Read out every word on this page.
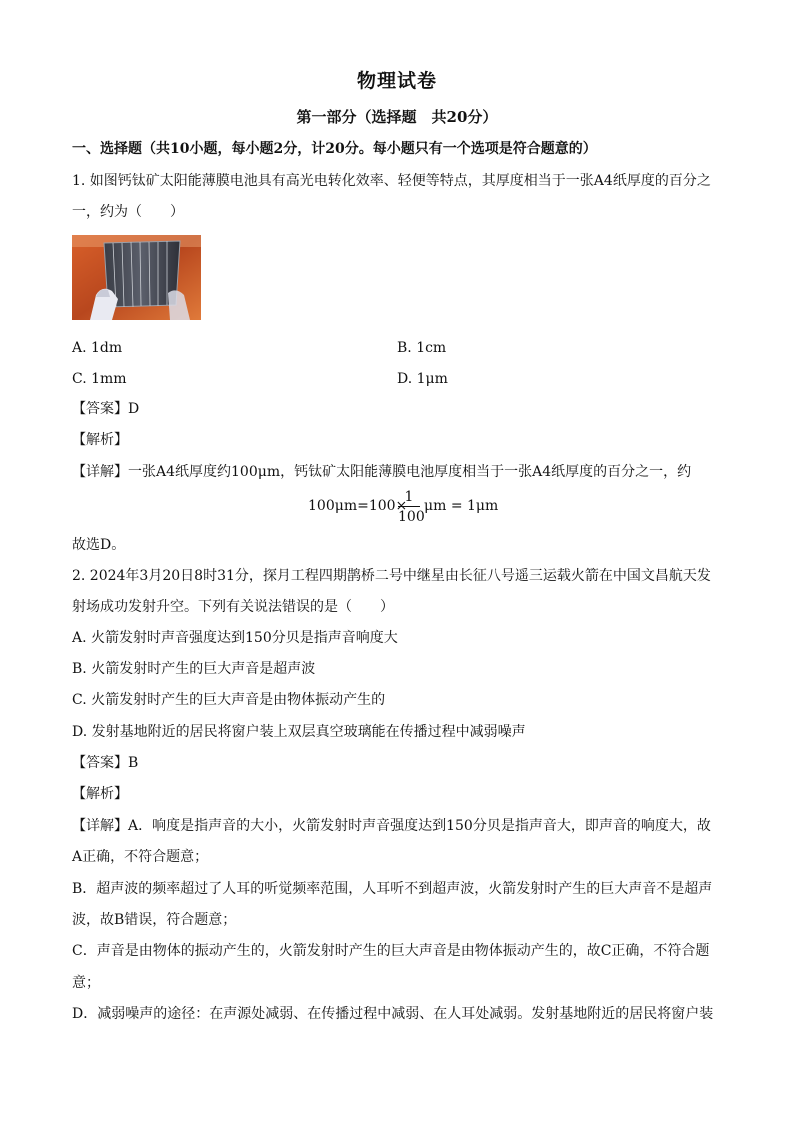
物理试卷
第一部分（选择题　共20分）
一、选择题（共10小题，每小题2分，计20分。每小题只有一个选项是符合题意的）
1. 如图钙钛矿太阳能薄膜电池具有高光电转化效率、轻便等特点，其厚度相当于一张A4纸厚度的百分之
一，约为（　　）
A. 1dm	B. 1cm
C. 1mm	D. 1μm
【答案】D
【解析】
【详解】一张A4纸厚度约100μm，钙钛矿太阳能薄膜电池厚度相当于一张A4纸厚度的百分之一，约
100μm=100×
$\frac{1}{100}$ μm = 1μm
故选D。
2. 2024年3月20日8时31分，探月工程四期鹊桥二号中继星由长征八号遥三运载火箭在中国文昌航天发
射场成功发射升空。下列有关说法错误的是（　　）
A. 火箭发射时声音强度达到150分贝是指声音响度大
B. 火箭发射时产生的巨大声音是超声波
C. 火箭发射时产生的巨大声音是由物体振动产生的
D. 发射基地附近的居民将窗户装上双层真空玻璃能在传播过程中减弱噪声
【答案】B
【解析】
【详解】A．响度是指声音的大小，火箭发射时声音强度达到150分贝是指声音大，即声音的响度大，故
A正确，不符合题意；
B．超声波的频率超过了人耳的听觉频率范围，人耳听不到超声波，火箭发射时产生的巨大声音不是超声
波，故B错误，符合题意；
C．声音是由物体的振动产生的，火箭发射时产生的巨大声音是由物体振动产生的，故C正确，不符合题
意；
D．减弱噪声的途径：在声源处减弱、在传播过程中减弱、在人耳处减弱。发射基地附近的居民将窗户装
